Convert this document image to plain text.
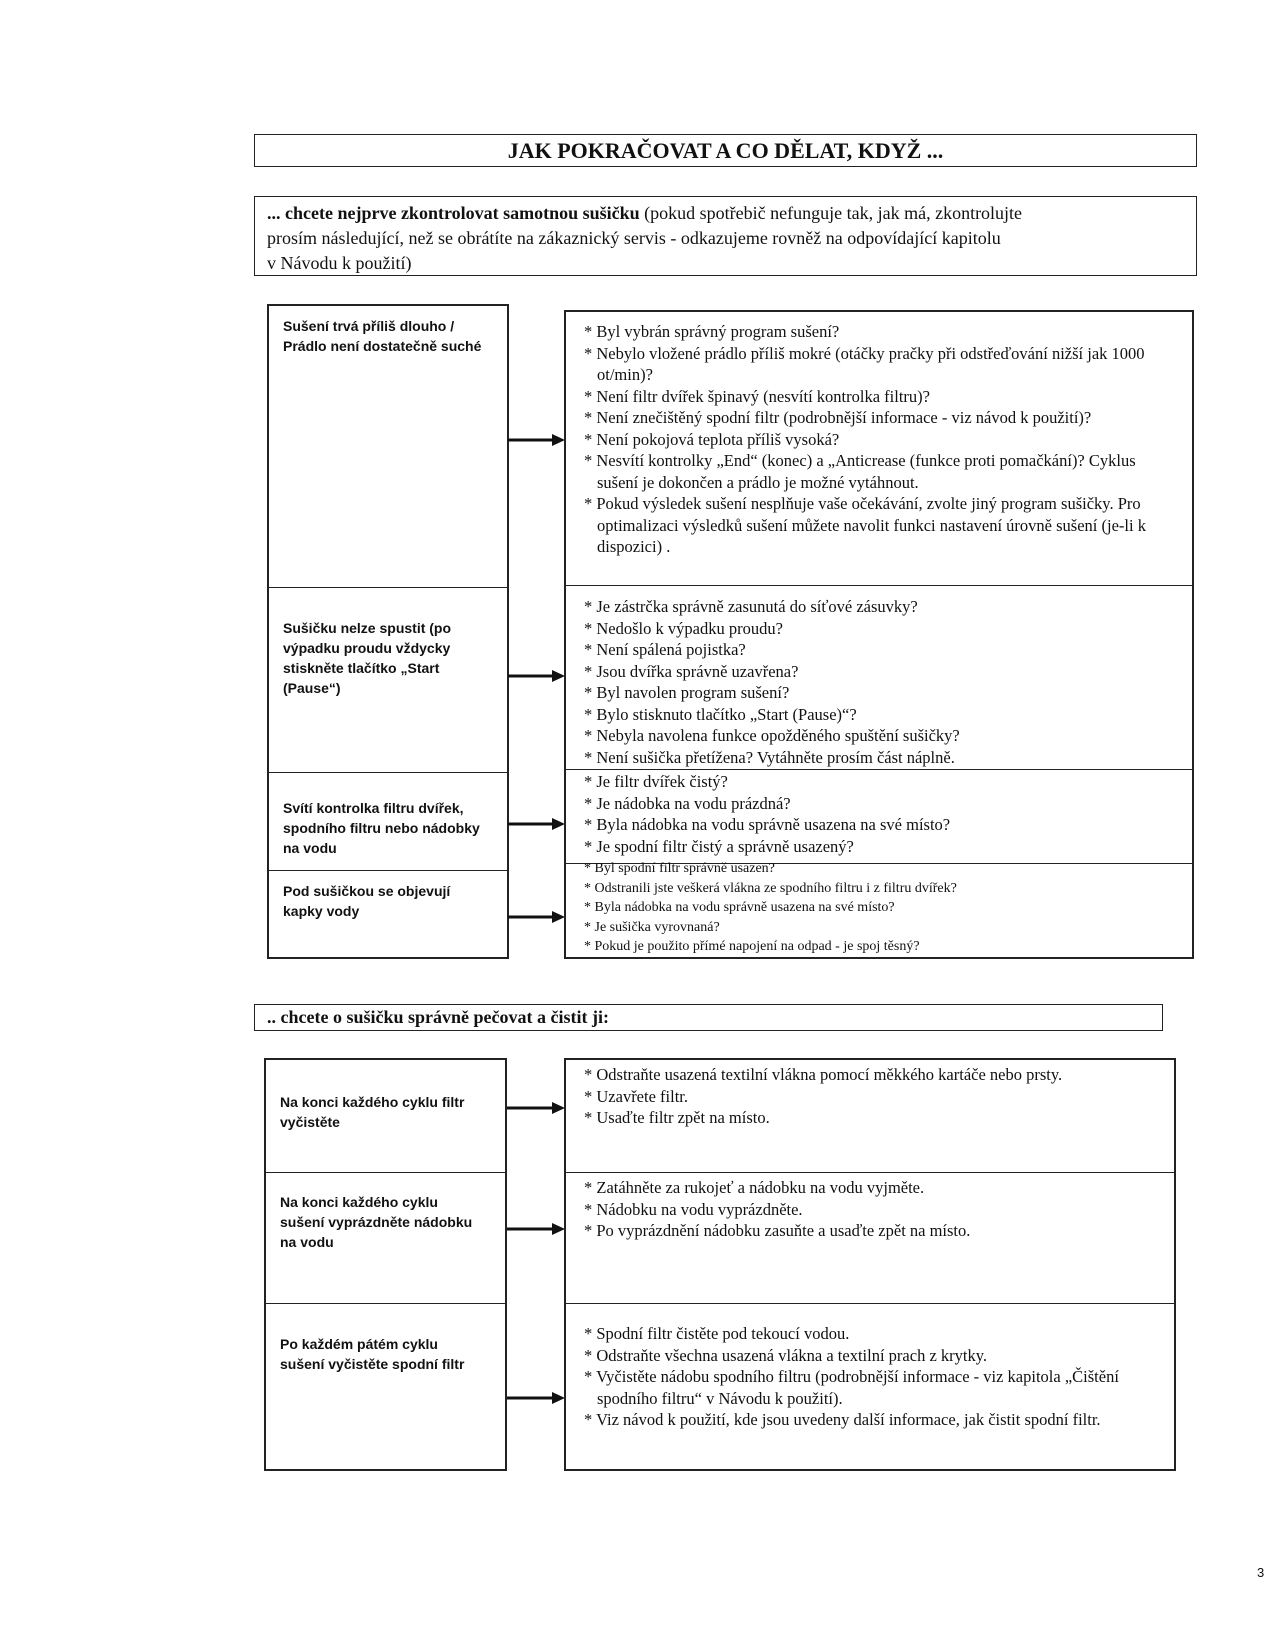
JAK POKRAČOVAT A CO DĚLAT, KDYŽ ...
... chcete nejprve zkontrolovat samotnou sušičku (pokud spotřebič nefunguje tak, jak má, zkontrolujte
prosím následující, než se obrátíte na zákaznický servis - odkazujeme rovněž na odpovídající kapitolu
v Návodu k použití)
Sušení trvá příliš dlouho /
Prádlo není dostatečně suché
Sušičku nelze spustit (po
výpadku proudu vždycky
stiskněte tlačítko „Start
(Pause“)
Svítí kontrolka filtru dvířek,
spodního filtru nebo nádobky
na vodu
Pod sušičkou se objevují
kapky vody
* Byl vybrán správný program sušení?
* Nebylo vložené prádlo příliš mokré (otáčky pračky při odstřeďování nižší jak 1000 ot/min)?
* Není filtr dvířek špinavý (nesvítí kontrolka filtru)?
* Není znečištěný spodní filtr (podrobnější informace - viz návod k použití)?
* Není pokojová teplota příliš vysoká?
* Nesvítí kontrolky „End“ (konec) a „Anticrease (funkce proti pomačkání)? Cyklus sušení je dokončen a prádlo je možné vytáhnout.
* Pokud výsledek sušení nesplňuje vaše očekávání, zvolte jiný program sušičky. Pro optimalizaci výsledků sušení můžete navolit funkci nastavení úrovně sušení (je-li k dispozici) .
* Je zástrčka správně zasunutá do síťové zásuvky?
* Nedošlo k výpadku proudu?
* Není spálená pojistka?
* Jsou dvířka správně uzavřena?
* Byl navolen program sušení?
* Bylo stisknuto tlačítko „Start (Pause)“?
* Nebyla navolena funkce opožděného spuštění sušičky?
* Není sušička přetížena? Vytáhněte prosím část náplně.
* Je filtr dvířek čistý?
* Je nádobka na vodu prázdná?
* Byla nádobka na vodu správně usazena na své místo?
* Je spodní filtr čistý a správně usazený?
* Byl spodní filtr správně usazen?
* Odstranili jste veškerá vlákna ze spodního filtru i z filtru dvířek?
* Byla nádobka na vodu správně usazena na své místo?
* Je sušička vyrovnaná?
* Pokud je použito přímé napojení na odpad - je spoj těsný?
.. chcete o sušičku správně pečovat a čistit ji:
Na konci každého cyklu filtr
vyčistěte
Na konci každého cyklu
sušení vyprázdněte nádobku
na vodu
Po každém pátém cyklu
sušení vyčistěte spodní filtr
* Odstraňte usazená textilní vlákna pomocí měkkého kartáče nebo prsty.
* Uzavřete filtr.
* Usaďte filtr zpět na místo.
* Zatáhněte za rukojeť a nádobku na vodu vyjměte.
* Nádobku na vodu vyprázdněte.
* Po vyprázdnění nádobku zasuňte a usaďte zpět na místo.
* Spodní filtr čistěte pod tekoucí vodou.
* Odstraňte všechna usazená vlákna a textilní prach z krytky.
* Vyčistěte nádobu spodního filtru (podrobnější informace - viz kapitola „Čištění spodního filtru“ v Návodu k použití).
* Viz návod k použití, kde jsou uvedeny další informace, jak čistit spodní filtr.
3
